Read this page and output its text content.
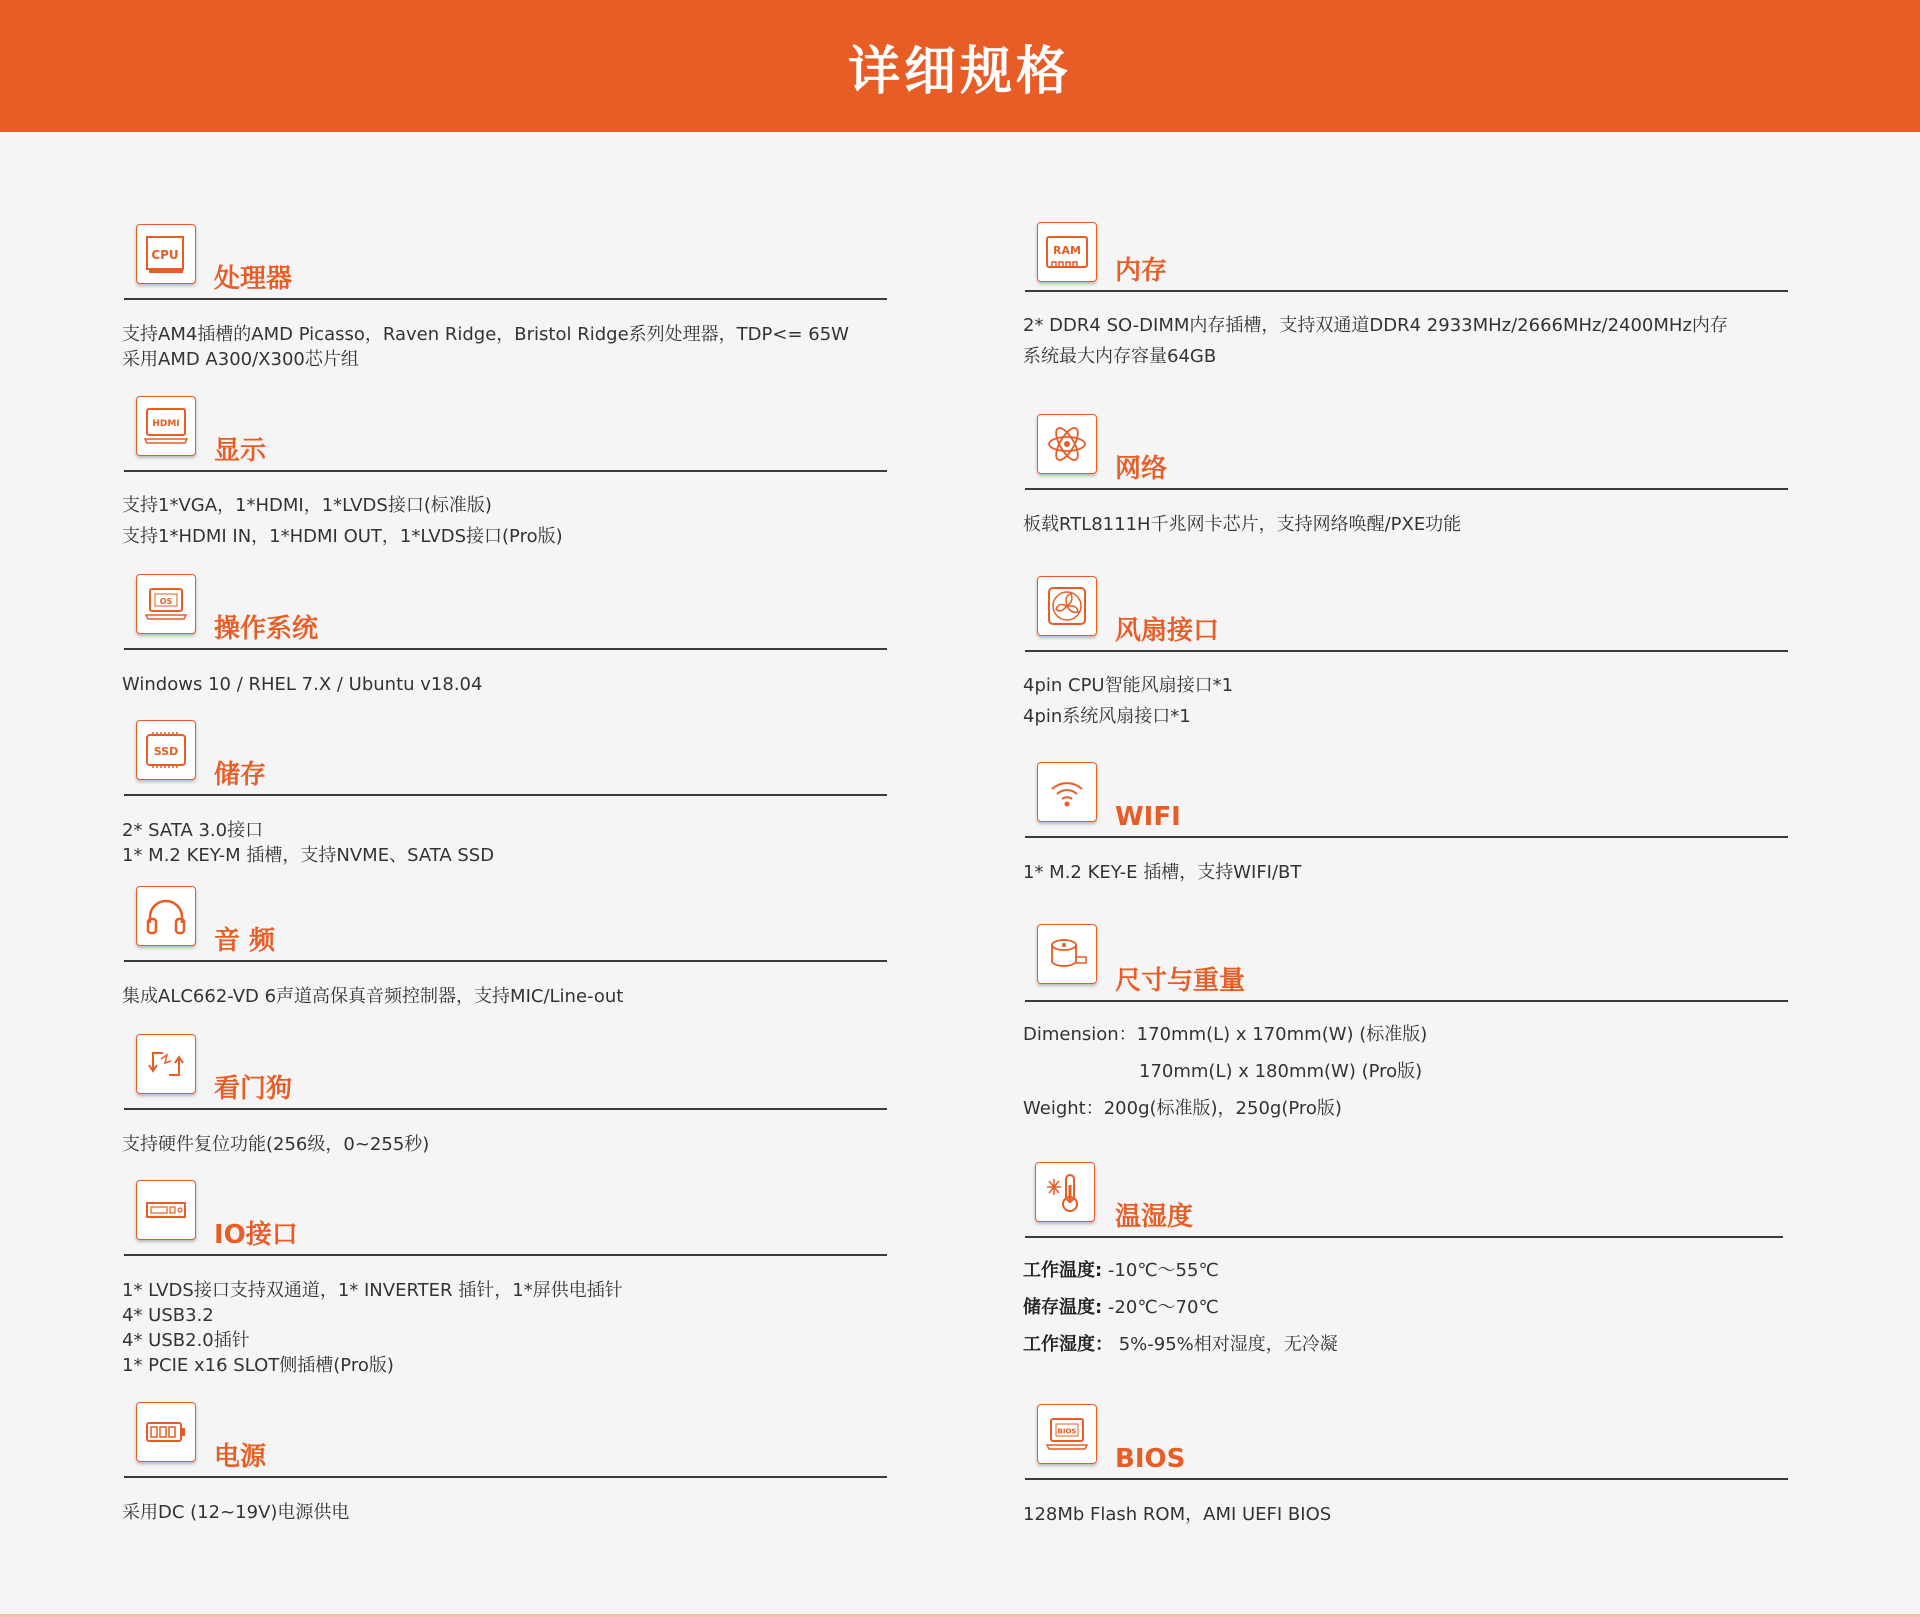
详细规格
CPU
处理器
支持AM4插槽的AMD Picasso，Raven Ridge，Bristol Ridge系列处理器，TDP<= 65W
采用AMD A300/X300芯片组
HDMI
显示
支持1*VGA，1*HDMI，1*LVDS接口(标准版)
支持1*HDMI IN，1*HDMI OUT，1*LVDS接口(Pro版)
OS
操作系统
Windows 10 / RHEL 7.X / Ubuntu v18.04
SSD
储存
2* SATA 3.0接口
1* M.2 KEY-M 插槽，支持NVME、SATA SSD
音 频
集成ALC662-VD 6声道高保真音频控制器，支持MIC/Line-out
看门狗
支持硬件复位功能(256级，0~255秒)
IO接口
1* LVDS接口支持双通道，1* INVERTER 插针，1*屏供电插针
4* USB3.2
4* USB2.0插针
1* PCIE x16 SLOT侧插槽(Pro版)
电源
采用DC (12~19V)电源供电
RAM
内存
2* DDR4 SO-DIMM内存插槽，支持双通道DDR4 2933MHz/2666MHz/2400MHz内存
系统最大内存容量64GB
网络
板载RTL8111H千兆网卡芯片，支持网络唤醒/PXE功能
风扇接口
4pin CPU智能风扇接口*1
4pin系统风扇接口*1
WIFI
1* M.2 KEY-E 插槽，支持WIFI/BT
尺寸与重量
Dimension：170mm(L) x 170mm(W) (标准版)
170mm(L) x 180mm(W) (Pro版)
Weight：200g(标准版)，250g(Pro版)
温湿度
工作温度: -10℃～55℃
储存温度: -20℃～70℃
工作湿度： 5%-95%相对湿度，无冷凝
BIOS
BIOS
128Mb Flash ROM，AMI UEFI BIOS
